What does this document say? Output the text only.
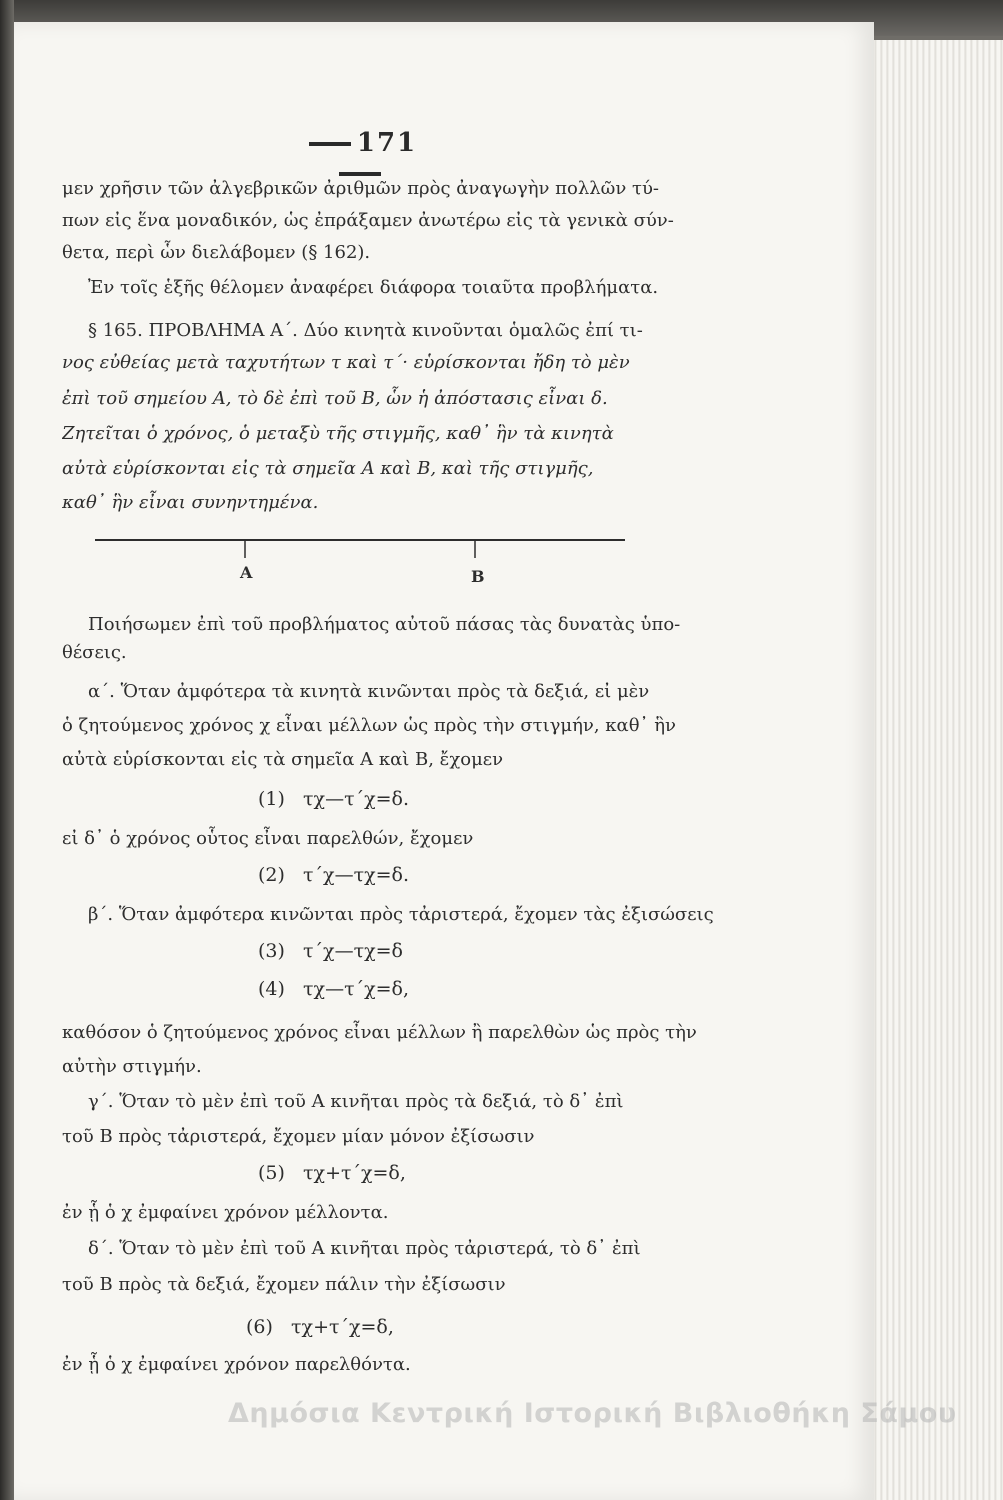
171
μεν χρῆσιν τῶν ἀλγεβρικῶν ἀριθμῶν πρὸς ἀναγωγὴν πολλῶν τύ-
πων εἰς ἕνα μοναδικόν, ὡς ἐπράξαμεν ἀνωτέρω εἰς τὰ γενικὰ σύν-
θετα, περὶ ὧν διελάβομεν (§ 162).
Ἐν τοῖς ἑξῆς θέλομεν ἀναφέρει διάφορα τοιαῦτα προβλήματα.
§ 165. ΠΡΟΒΛΗΜΑ Α΄. Δύο κινητὰ κινοῦνται ὁμαλῶς ἐπί τι-
νος εὐθείας μετὰ ταχυτήτων τ καὶ τ΄· εὑρίσκονται ἤδη τὸ μὲν
ἐπὶ τοῦ σημείου Α, τὸ δὲ ἐπὶ τοῦ Β, ὧν ἡ ἀπόστασις εἶναι δ.
Ζητεῖται ὁ χρόνος, ὁ μεταξὺ τῆς στιγμῆς, καθ᾽ ἣν τὰ κινητὰ
αὐτὰ εὑρίσκονται εἰς τὰ σημεῖα Α καὶ Β, καὶ τῆς στιγμῆς,
καθ᾽ ἣν εἶναι συνηντημένα.
A	B
Ποιήσωμεν ἐπὶ τοῦ προβλήματος αὐτοῦ πάσας τὰς δυνατὰς ὑπο-
θέσεις.
α΄. Ὅταν ἀμφότερα τὰ κινητὰ κινῶνται πρὸς τὰ δεξιά, εἰ μὲν
ὁ ζητούμενος χρόνος χ εἶναι μέλλων ὡς πρὸς τὴν στιγμήν, καθ᾽ ἣν
αὐτὰ εὑρίσκονται εἰς τὰ σημεῖα Α καὶ Β, ἔχομεν
(1) τχ—τ΄χ=δ.
εἰ δ᾽ ὁ χρόνος οὗτος εἶναι παρελθών, ἔχομεν
(2) τ΄χ—τχ=δ.
β΄. Ὅταν ἀμφότερα κινῶνται πρὸς τἀριστερά, ἔχομεν τὰς ἐξισώσεις
(3) τ΄χ—τχ=δ
(4) τχ—τ΄χ=δ,
καθόσον ὁ ζητούμενος χρόνος εἶναι μέλλων ἢ παρελθὼν ὡς πρὸς τὴν
αὐτὴν στιγμήν.
γ΄. Ὅταν τὸ μὲν ἐπὶ τοῦ Α κινῆται πρὸς τὰ δεξιά, τὸ δ᾽ ἐπὶ
τοῦ Β πρὸς τἀριστερά, ἔχομεν μίαν μόνον ἐξίσωσιν
(5) τχ+τ΄χ=δ,
ἐν ᾗ ὁ χ ἐμφαίνει χρόνον μέλλοντα.
δ΄. Ὅταν τὸ μὲν ἐπὶ τοῦ Α κινῆται πρὸς τἀριστερά, τὸ δ᾽ ἐπὶ
τοῦ Β πρὸς τὰ δεξιά, ἔχομεν πάλιν τὴν ἐξίσωσιν
(6) τχ+τ΄χ=δ,
ἐν ᾗ ὁ χ ἐμφαίνει χρόνον παρελθόντα.
Δημόσια Κεντρική Ιστορική Βιβλιοθήκη Σάμου
